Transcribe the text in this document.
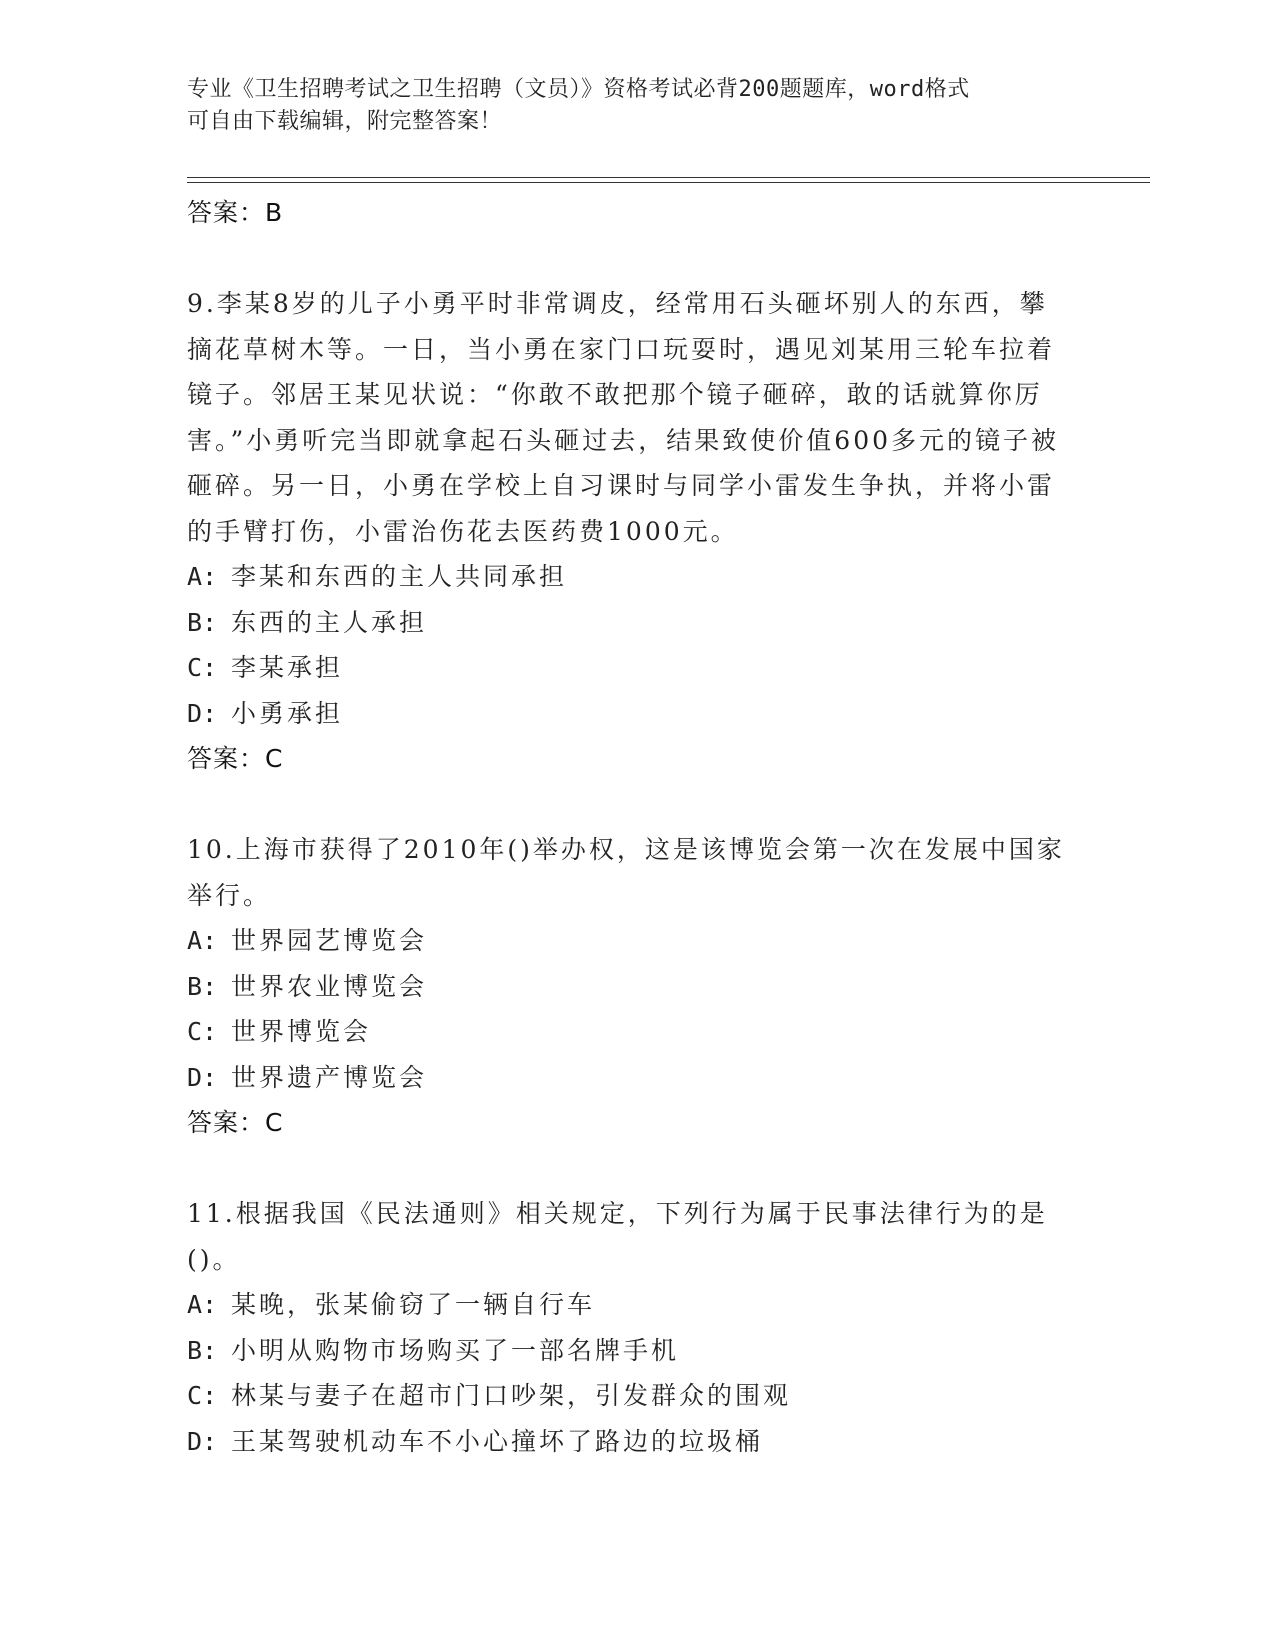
专业《卫生招聘考试之卫生招聘（文员）》资格考试必背200题题库，word格式
可自由下载编辑，附完整答案！
答案：B

9.李某8岁的儿子小勇平时非常调皮，经常用石头砸坏别人的东西，攀摘花草树木等。一日，当小勇在家门口玩耍时，遇见刘某用三轮车拉着镜子。邻居王某见状说：“你敢不敢把那个镜子砸碎，敢的话就算你厉害。”小勇听完当即就拿起石头砸过去，结果致使价值600多元的镜子被砸碎。另一日，小勇在学校上自习课时与同学小雷发生争执，并将小雷的手臂打伤，小雷治伤花去医药费1000元。

A: 李某和东西的主人共同承担
B: 东西的主人承担
C: 李某承担
D: 小勇承担
答案：C

10.上海市获得了2010年()举办权，这是该博览会第一次在发展中国家举行。

A: 世界园艺博览会
B: 世界农业博览会
C: 世界博览会
D: 世界遗产博览会
答案：C

11.根据我国《民法通则》相关规定，下列行为属于民事法律行为的是()。

A: 某晚，张某偷窃了一辆自行车
B: 小明从购物市场购买了一部名牌手机
C: 林某与妻子在超市门口吵架，引发群众的围观
D: 王某驾驶机动车不小心撞坏了路边的垃圾桶
